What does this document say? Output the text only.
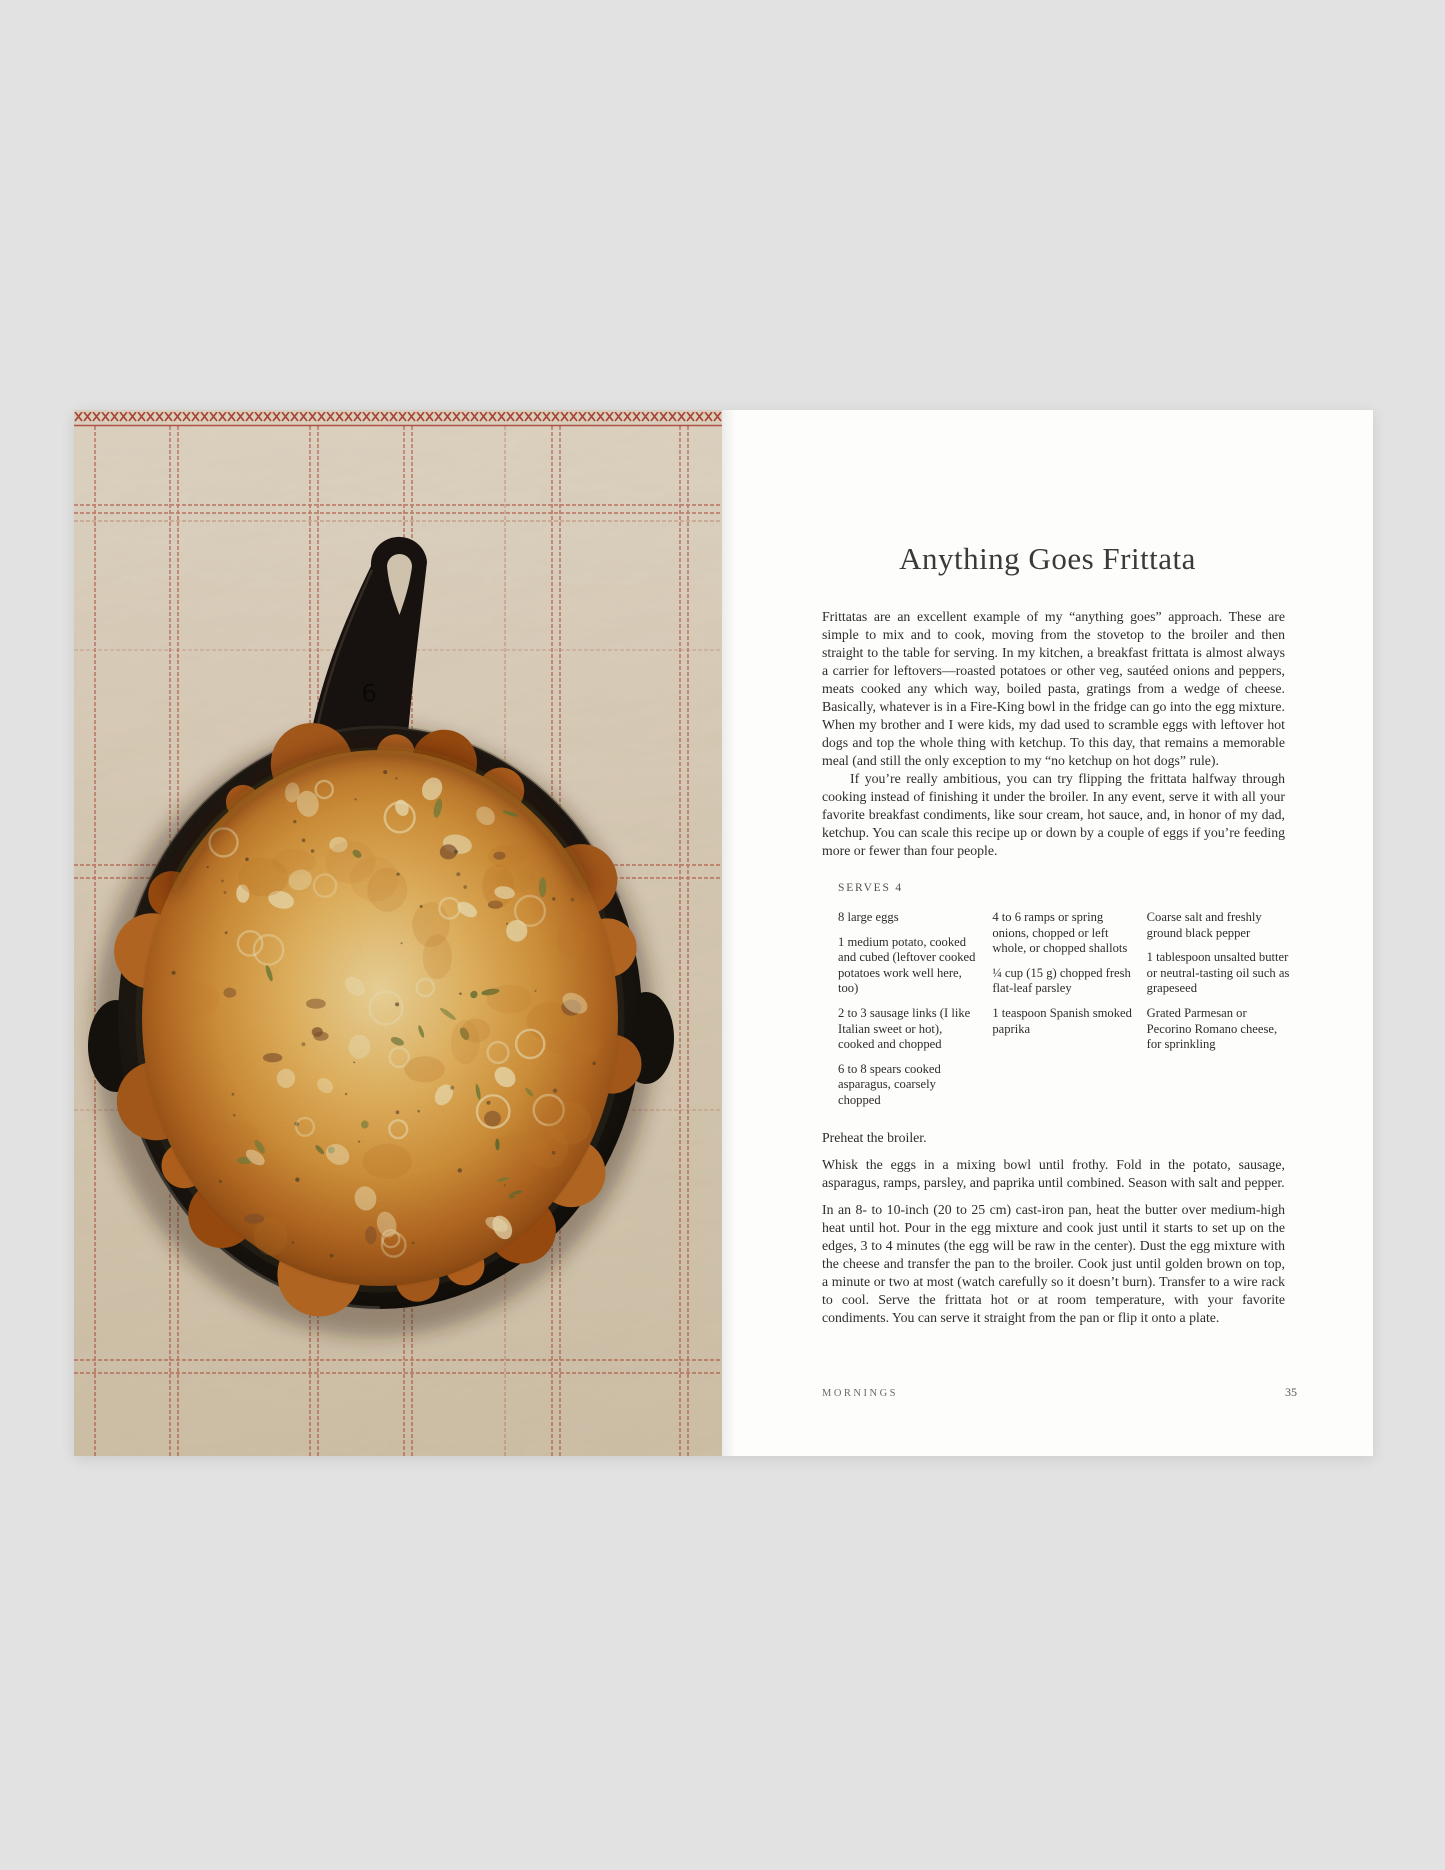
6
Anything Goes Frittata

Frittatas are an excellent example of my “anything goes” approach. These are simple to mix and to cook, moving from the stovetop to the broiler and then straight to the table for serving. In my kitchen, a breakfast frittata is almost always a carrier for leftovers—roasted potatoes or other veg, sautéed onions and peppers, meats cooked any which way, boiled pasta, gratings from a wedge of cheese. Basically, whatever is in a Fire-King bowl in the fridge can go into the egg mixture. When my brother and I were kids, my dad used to scramble eggs with leftover hot dogs and top the whole thing with ketchup. To this day, that remains a memorable meal (and still the only exception to my “no ketchup on hot dogs” rule).

If you’re really ambitious, you can try flipping the frittata halfway through cooking instead of finishing it under the broiler. In any event, serve it with all your favorite breakfast condiments, like sour cream, hot sauce, and, in honor of my dad, ketchup. You can scale this recipe up or down by a couple of eggs if you’re feeding more or fewer than four people.

SERVES 4

8 large eggs

1 medium potato, cooked and cubed (leftover cooked potatoes work well here, too)

2 to 3 sausage links (I like Italian sweet or hot), cooked and chopped

6 to 8 spears cooked asparagus, coarsely chopped

4 to 6 ramps or spring onions, chopped or left whole, or chopped shallots

¼ cup (15 g) chopped fresh flat-leaf parsley

1 teaspoon Spanish smoked paprika

Coarse salt and freshly ground black pepper

1 tablespoon unsalted butter or neutral-tasting oil such as grapeseed

Grated Parmesan or Pecorino Romano cheese, for sprinkling

Preheat the broiler.

Whisk the eggs in a mixing bowl until frothy. Fold in the potato, sausage, asparagus, ramps, parsley, and paprika until combined. Season with salt and pepper.

In an 8- to 10-inch (20 to 25 cm) cast-iron pan, heat the butter over medium-high heat until hot. Pour in the egg mixture and cook just until it starts to set up on the edges, 3 to 4 minutes (the egg will be raw in the center). Dust the egg mixture with the cheese and transfer the pan to the broiler. Cook just until golden brown on top, a minute or two at most (watch carefully so it doesn’t burn). Transfer to a wire rack to cool. Serve the frittata hot or at room temperature, with your favorite condiments. You can serve it straight from the pan or flip it onto a plate.

MORNINGS	35
